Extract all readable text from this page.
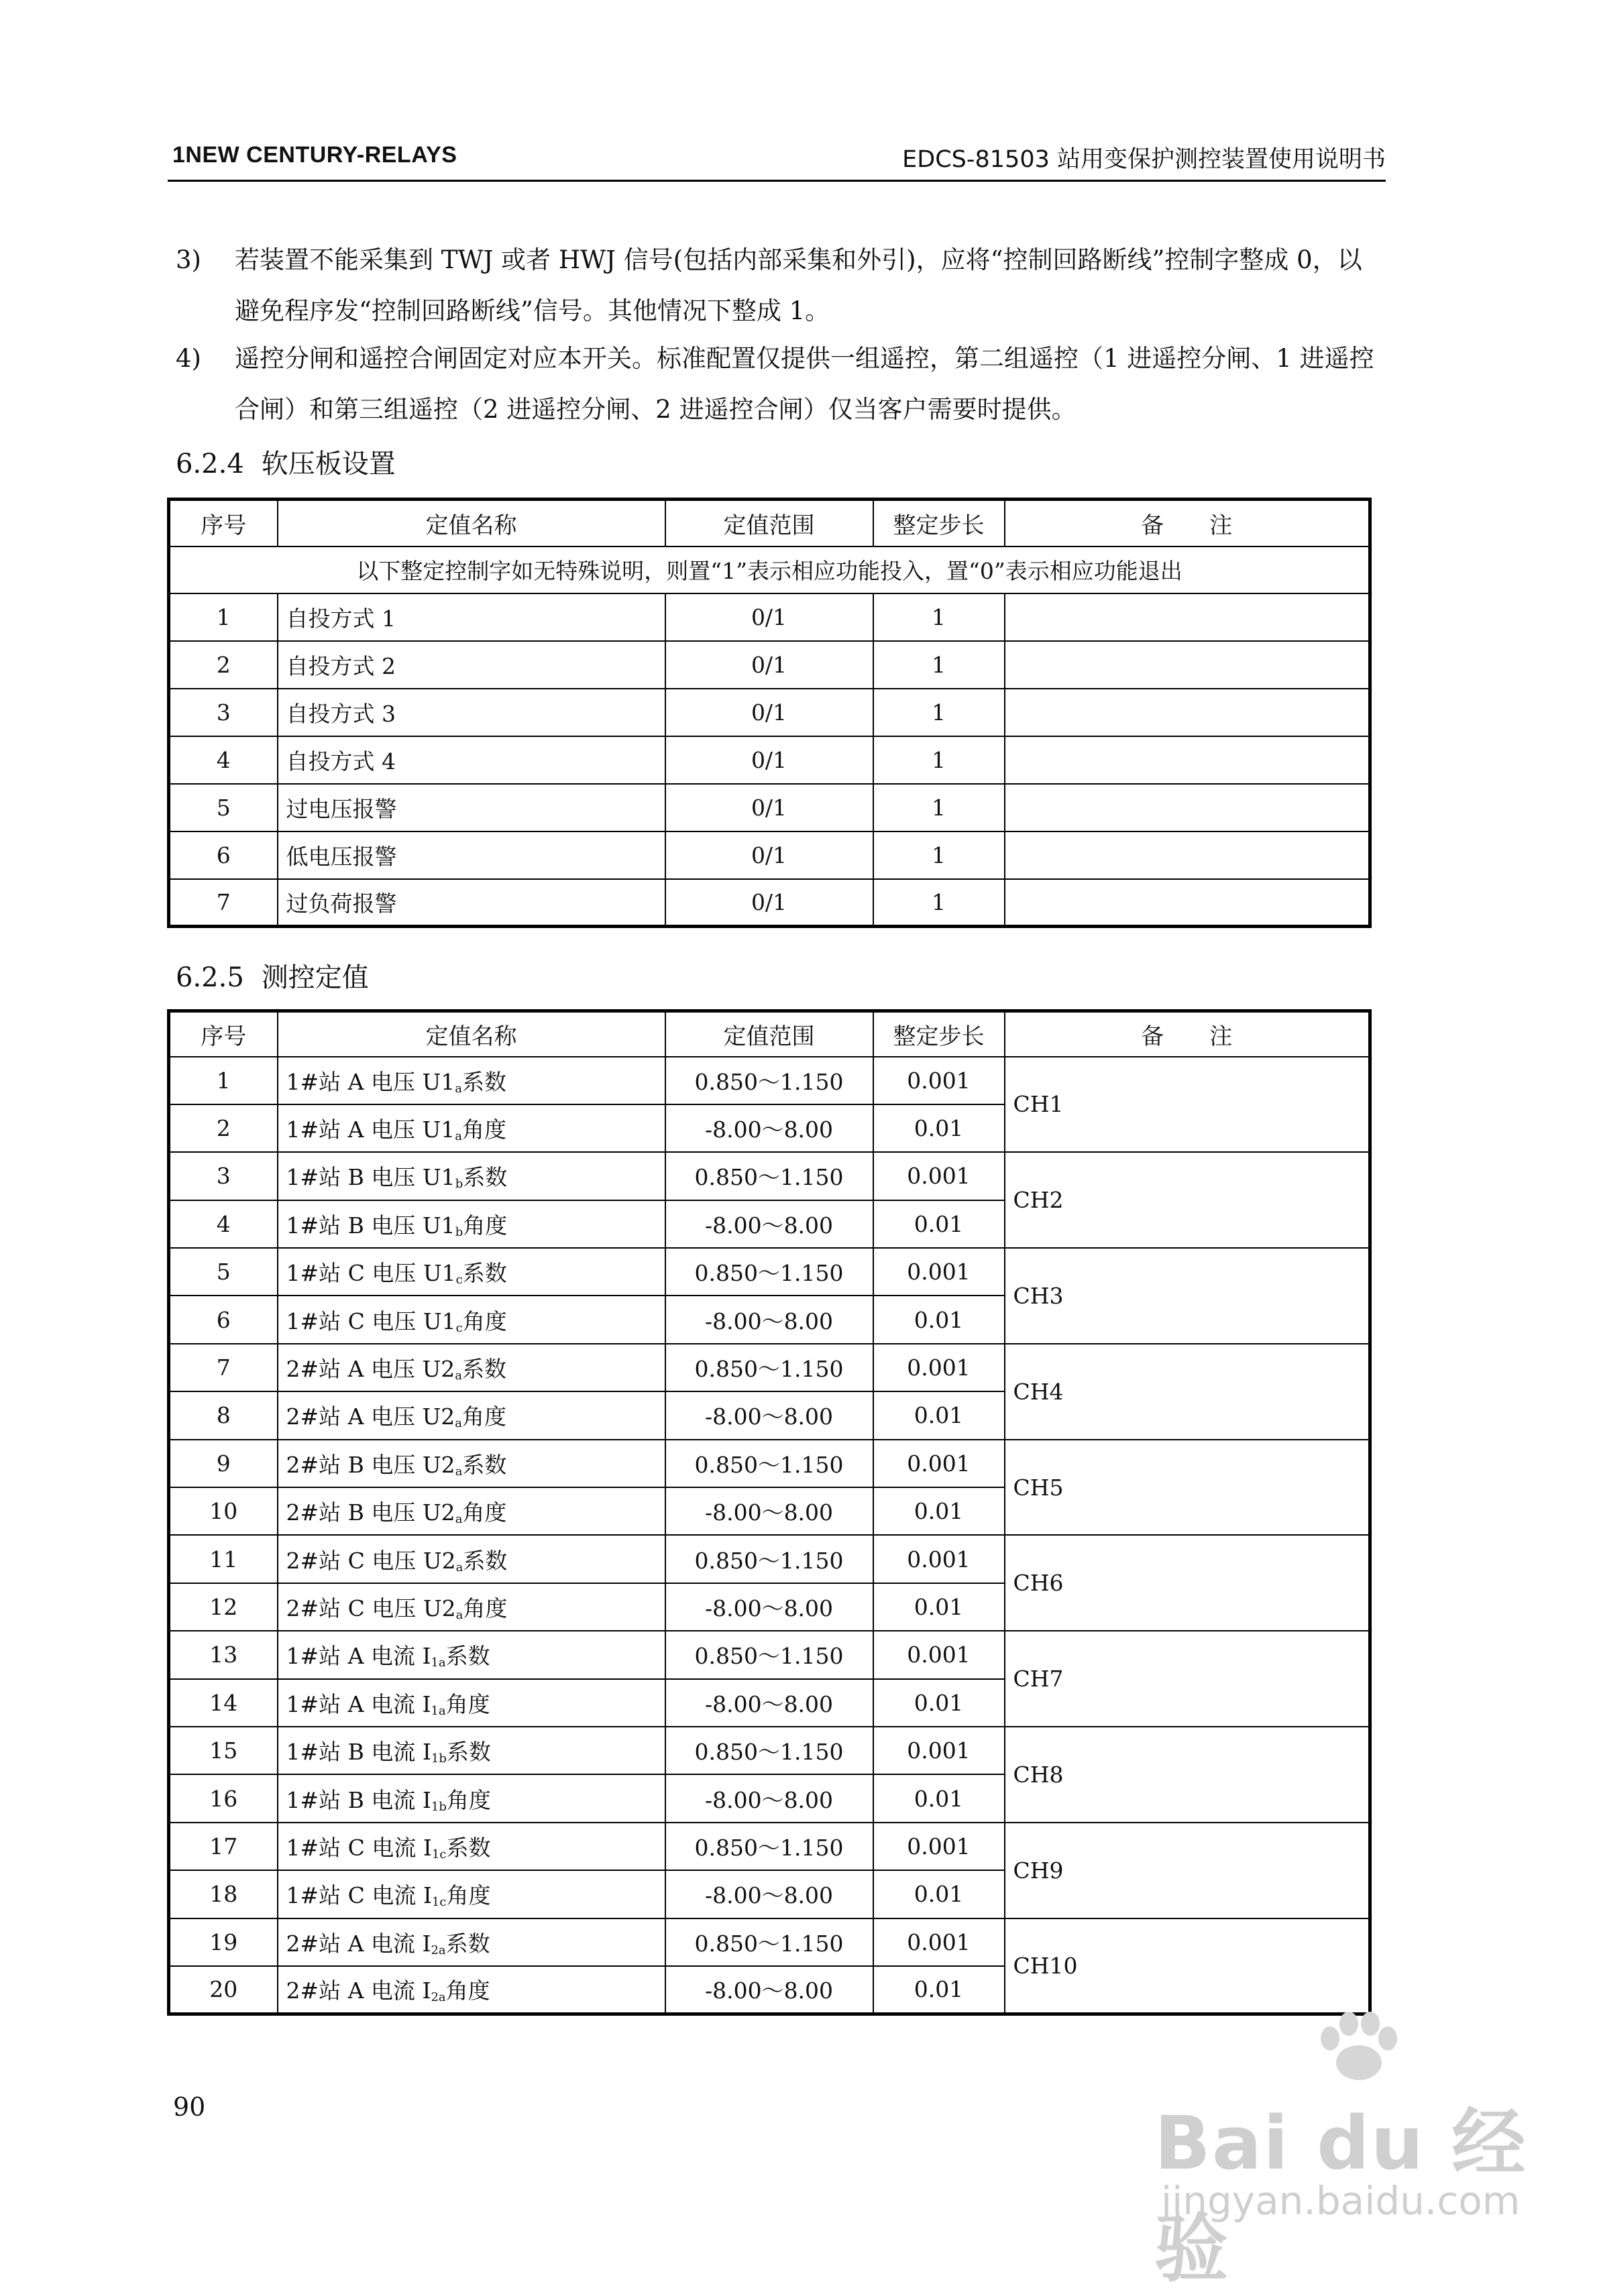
1NEW CENTURY-RELAYS	EDCS-81503 站用变保护测控装置使用说明书
3) 若装置不能采集到 TWJ 或者 HWJ 信号(包括内部采集和外引)，应将“控制回路断线”控制字整成 0，以避免程序发“控制回路断线”信号。其他情况下整成 1。
4) 遥控分闸和遥控合闸固定对应本开关。标准配置仅提供一组遥控，第二组遥控（1 进遥控分闸、1 进遥控合闸）和第三组遥控（2 进遥控分闸、2 进遥控合闸）仅当客户需要时提供。
6.2.4 软压板设置
序号	定值名称	定值范围	整定步长	备　　注
以下整定控制字如无特殊说明，则置“1”表示相应功能投入，置“0”表示相应功能退出				
1	自投方式 1	0/1	1	
2	自投方式 2	0/1	1	
3	自投方式 3	0/1	1	
4	自投方式 4	0/1	1	
5	过电压报警	0/1	1	
6	低电压报警	0/1	1	
7	过负荷报警	0/1	1	
6.2.5 测控定值
序号	定值名称	定值范围	整定步长	备　　注
1	1#站 A 电压 $U1_a$系数	0.850～1.150	0.001	CH1
2	1#站 A 电压 $U1_a$角度	-8.00～8.00	0.01	
3	1#站 B 电压 $U1_b$系数	0.850～1.150	0.001	CH2
4	1#站 B 电压 $U1_b$角度	-8.00～8.00	0.01	
5	1#站 C 电压 $U1_c$系数	0.850～1.150	0.001	CH3
6	1#站 C 电压 $U1_c$角度	-8.00～8.00	0.01	
7	2#站 A 电压 $U2_a$系数	0.850～1.150	0.001	CH4
8	2#站 A 电压 $U2_a$角度	-8.00～8.00	0.01	
9	2#站 B 电压 $U2_a$系数	0.850～1.150	0.001	CH5
10	2#站 B 电压 $U2_a$角度	-8.00～8.00	0.01	
11	2#站 C 电压 $U2_a$系数	0.850～1.150	0.001	CH6
12	2#站 C 电压 $U2_a$角度	-8.00～8.00	0.01	
13	1#站 A 电流 $I_{1a}$系数	0.850～1.150	0.001	CH7
14	1#站 A 电流 $I_{1a}$角度	-8.00～8.00	0.01	
15	1#站 B 电流 $I_{1b}$系数	0.850～1.150	0.001	CH8
16	1#站 B 电流 $I_{1b}$角度	-8.00～8.00	0.01	
17	1#站 C 电流 $I_{1c}$系数	0.850～1.150	0.001	CH9
18	1#站 C 电流 $I_{1c}$角度	-8.00～8.00	0.01	
19	2#站 A 电流 $I_{2a}$系数	0.850～1.150	0.001	CH10
20	2#站 A 电流 $I_{2a}$角度	-8.00～8.00	0.01	
90	Bai du 经验
jingyan.baidu.com
